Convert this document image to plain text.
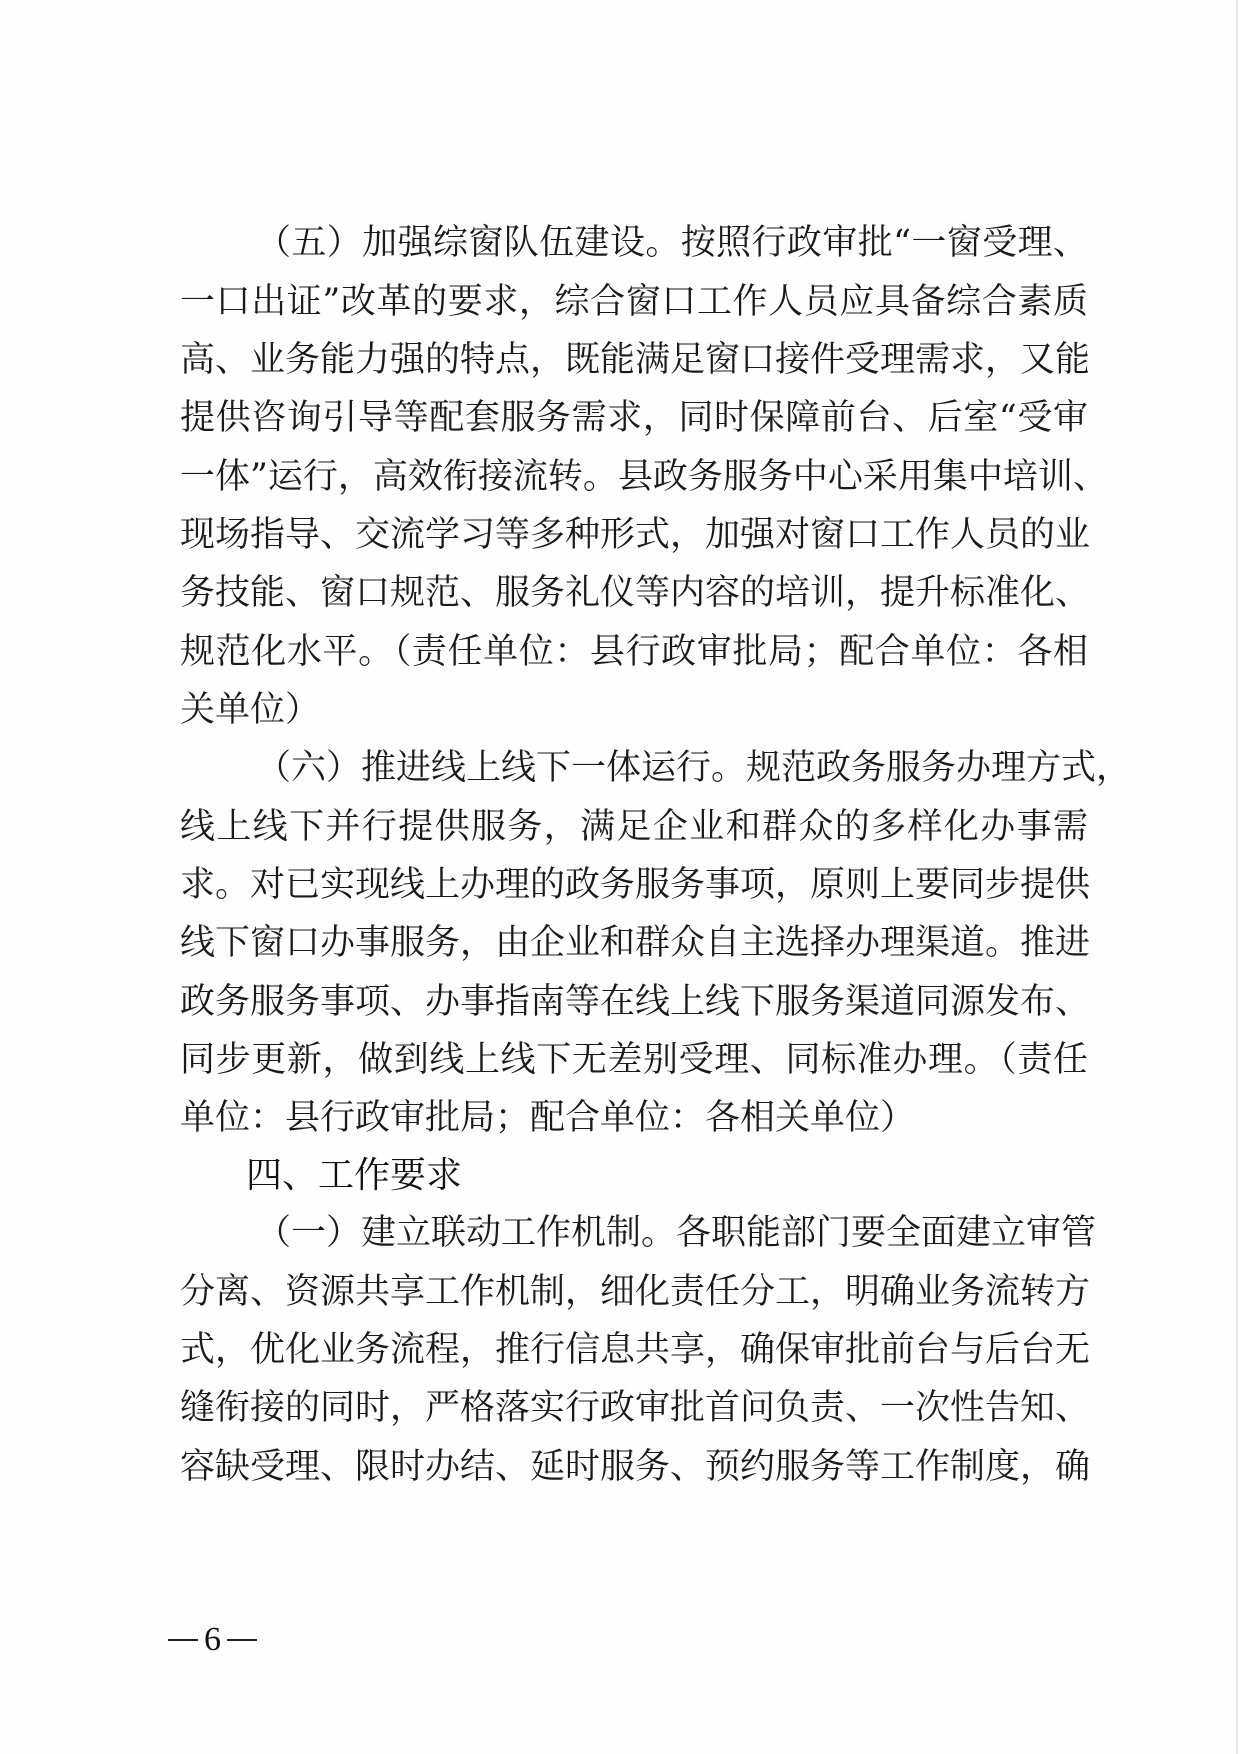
（五）加强综窗队伍建设。按照行政审批“一窗受理、
一口出证”改革的要求，综合窗口工作人员应具备综合素质
高、业务能力强的特点，既能满足窗口接件受理需求，又能
提供咨询引导等配套服务需求，同时保障前台、后室“受审
一体”运行，高效衔接流转。县政务服务中心采用集中培训、
现场指导、交流学习等多种形式，加强对窗口工作人员的业
务技能、窗口规范、服务礼仪等内容的培训，提升标准化、
规范化水平。（责任单位：县行政审批局；配合单位：各相
关单位）
（六）推进线上线下一体运行。规范政务服务办理方式，
线上线下并行提供服务，满足企业和群众的多样化办事需
求。对已实现线上办理的政务服务事项，原则上要同步提供
线下窗口办事服务，由企业和群众自主选择办理渠道。推进
政务服务事项、办事指南等在线上线下服务渠道同源发布、
同步更新，做到线上线下无差别受理、同标准办理。（责任
单位：县行政审批局；配合单位：各相关单位）
四、工作要求
（一）建立联动工作机制。各职能部门要全面建立审管
分离、资源共享工作机制，细化责任分工，明确业务流转方
式，优化业务流程，推行信息共享，确保审批前台与后台无
缝衔接的同时，严格落实行政审批首问负责、一次性告知、
容缺受理、限时办结、延时服务、预约服务等工作制度，确
6
